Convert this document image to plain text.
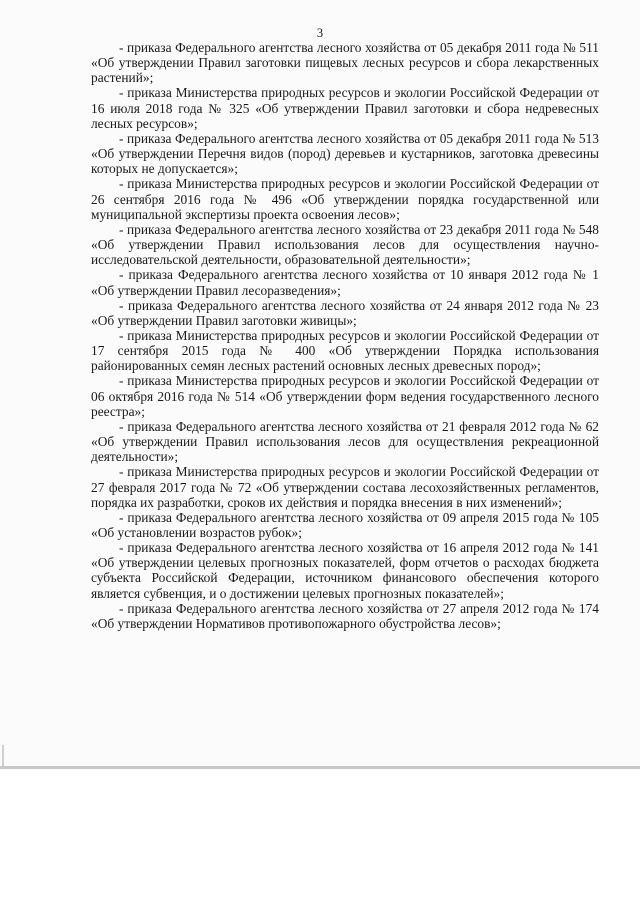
3

- приказа Федерального агентства лесного хозяйства от 05 декабря 2011 года № 511 «Об утверждении Правил заготовки пищевых лесных ресурсов и сбора лекарственных растений»;

- приказа Министерства природных ресурсов и экологии Российской Федерации от 16 июля 2018 года № 325 «Об утверждении Правил заготовки и сбора недревесных лесных ресурсов»;

- приказа Федерального агентства лесного хозяйства от 05 декабря 2011 года № 513 «Об утверждении Перечня видов (пород) деревьев и кустарников, заготовка древесины которых не допускается»;

- приказа Министерства природных ресурсов и экологии Российской Федерации от 26 сентября 2016 года № 496 «Об утверждении порядка государственной или муниципальной экспертизы проекта освоения лесов»;

- приказа Федерального агентства лесного хозяйства от 23 декабря 2011 года № 548 «Об утверждении Правил использования лесов для осуществления научно-исследовательской деятельности, образовательной деятельности»;

- приказа Федерального агентства лесного хозяйства от 10 января 2012 года № 1 «Об утверждении Правил лесоразведения»;

- приказа Федерального агентства лесного хозяйства от 24 января 2012 года № 23 «Об утверждении Правил заготовки живицы»;

- приказа Министерства природных ресурсов и экологии Российской Федерации от 17 сентября 2015 года № 400 «Об утверждении Порядка использования районированных семян лесных растений основных лесных древесных пород»;

- приказа Министерства природных ресурсов и экологии Российской Федерации от 06 октября 2016 года № 514 «Об утверждении форм ведения государственного лесного реестра»;

- приказа Федерального агентства лесного хозяйства от 21 февраля 2012 года № 62 «Об утверждении Правил использования лесов для осуществления рекреационной деятельности»;

- приказа Министерства природных ресурсов и экологии Российской Федерации от 27 февраля 2017 года № 72 «Об утверждении состава лесохозяйственных регламентов, порядка их разработки, сроков их действия и порядка внесения в них изменений»;

- приказа Федерального агентства лесного хозяйства от 09 апреля 2015 года № 105 «Об установлении возрастов рубок»;

- приказа Федерального агентства лесного хозяйства от 16 апреля 2012 года № 141 «Об утверждении целевых прогнозных показателей, форм отчетов о расходах бюджета субъекта Российской Федерации, источником финансового обеспечения которого является субвенция, и о достижении целевых прогнозных показателей»;

- приказа Федерального агентства лесного хозяйства от 27 апреля 2012 года № 174 «Об утверждении Нормативов противопожарного обустройства лесов»;
